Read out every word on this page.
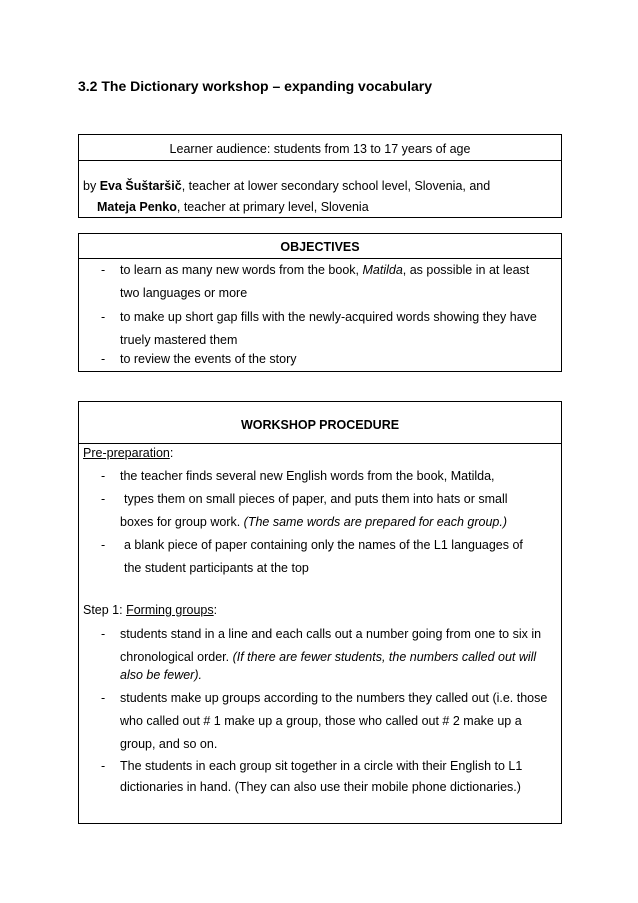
3.2 The Dictionary workshop – expanding vocabulary
Learner audience: students from 13 to 17 years of age
by Eva Šuštaršič, teacher at lower secondary school level, Slovenia, and
Mateja Penko, teacher at primary level, Slovenia
OBJECTIVES
- to learn as many new words from the book, Matilda, as possible in at least
two languages or more
- to make up short gap fills with the newly-acquired words showing they have
truely mastered them
- to review the events of the story
WORKSHOP PROCEDURE
Pre-preparation:
- the teacher finds several new English words from the book, Matilda,
- types them on small pieces of paper, and puts them into hats or small
boxes for group work. (The same words are prepared for each group.)
- a blank piece of paper containing only the names of the L1 languages of
the student participants at the top
Step 1: Forming groups:
- students stand in a line and each calls out a number going from one to six in
chronological order. (If there are fewer students, the numbers called out will
also be fewer).
- students make up groups according to the numbers they called out (i.e. those
who called out # 1 make up a group, those who called out # 2 make up a
group, and so on.
- The students in each group sit together in a circle with their English to L1
dictionaries in hand. (They can also use their mobile phone dictionaries.)
